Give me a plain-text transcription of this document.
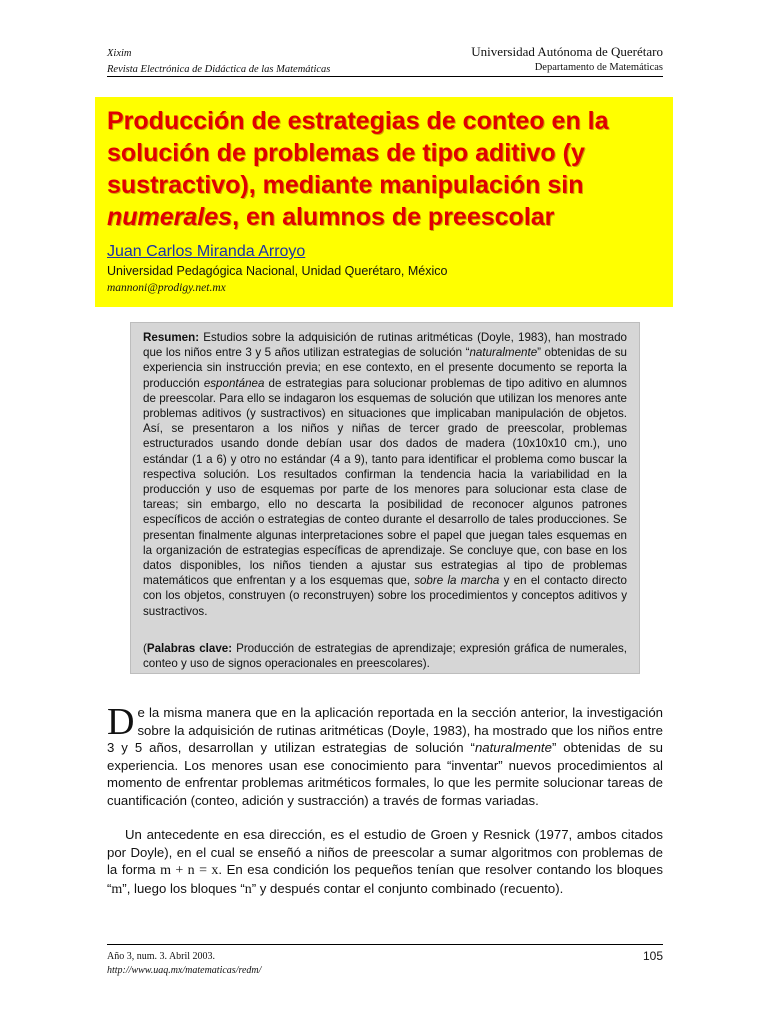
Xixim
Revista Electrónica de Didáctica de las Matemáticas
Universidad Autónoma de Querétaro
Departamento de Matemáticas
Producción de estrategias de conteo en la solución de problemas de tipo aditivo (y sustractivo), mediante manipulación sin numerales, en alumnos de preescolar
Juan Carlos Miranda Arroyo
Universidad Pedagógica Nacional, Unidad Querétaro, México
mannoni@prodigy.net.mx

Resumen: Estudios sobre la adquisición de rutinas aritméticas (Doyle, 1983), han mostrado que los niños entre 3 y 5 años utilizan estrategias de solución “naturalmente” obtenidas de su experiencia sin instrucción previa; en ese contexto, en el presente documento se reporta la producción espontánea de estrategias para solucionar problemas de tipo aditivo en alumnos de preescolar. Para ello se indagaron los esquemas de solución que utilizan los menores ante problemas aditivos (y sustractivos) en situaciones que implicaban manipulación de objetos. Así, se presentaron a los niños y niñas de tercer grado de preescolar, problemas estructurados usando donde debían usar dos dados de madera (10x10x10 cm.), uno estándar (1 a 6) y otro no estándar (4 a 9), tanto para identificar el problema como buscar la respectiva solución. Los resultados confirman la tendencia hacia la variabilidad en la producción y uso de esquemas por parte de los menores para solucionar esta clase de tareas; sin embargo, ello no descarta la posibilidad de reconocer algunos patrones específicos de acción o estrategias de conteo durante el desarrollo de tales producciones. Se presentan finalmente algunas interpretaciones sobre el papel que juegan tales esquemas en la organización de estrategias específicas de aprendizaje. Se concluye que, con base en los datos disponibles, los niños tienden a ajustar sus estrategias al tipo de problemas matemáticos que enfrentan y a los esquemas que, sobre la marcha y en el contacto directo con los objetos, construyen (o reconstruyen) sobre los procedimientos y conceptos aditivos y sustractivos.

(Palabras clave: Producción de estrategias de aprendizaje; expresión gráfica de numerales, conteo y uso de signos operacionales en preescolares).

De la misma manera que en la aplicación reportada en la sección anterior, la investigación sobre la adquisición de rutinas aritméticas (Doyle, 1983), ha mostrado que los niños entre 3 y 5 años, desarrollan y utilizan estrategias de solución “naturalmente” obtenidas de su experiencia. Los menores usan ese conocimiento para “inventar” nuevos procedimientos al momento de enfrentar problemas aritméticos formales, lo que les permite solucionar tareas de cuantificación (conteo, adición y sustracción) a través de formas variadas.

Un antecedente en esa dirección, es el estudio de Groen y Resnick (1977, ambos citados por Doyle), en el cual se enseñó a niños de preescolar a sumar algoritmos con problemas de la forma m + n = x. En esa condición los pequeños tenían que resolver contando los bloques “m”, luego los bloques “n” y después contar el conjunto combinado (recuento).

Año 3, num. 3. Abril 2003.
http://www.uaq.mx/matematicas/redm/
105
